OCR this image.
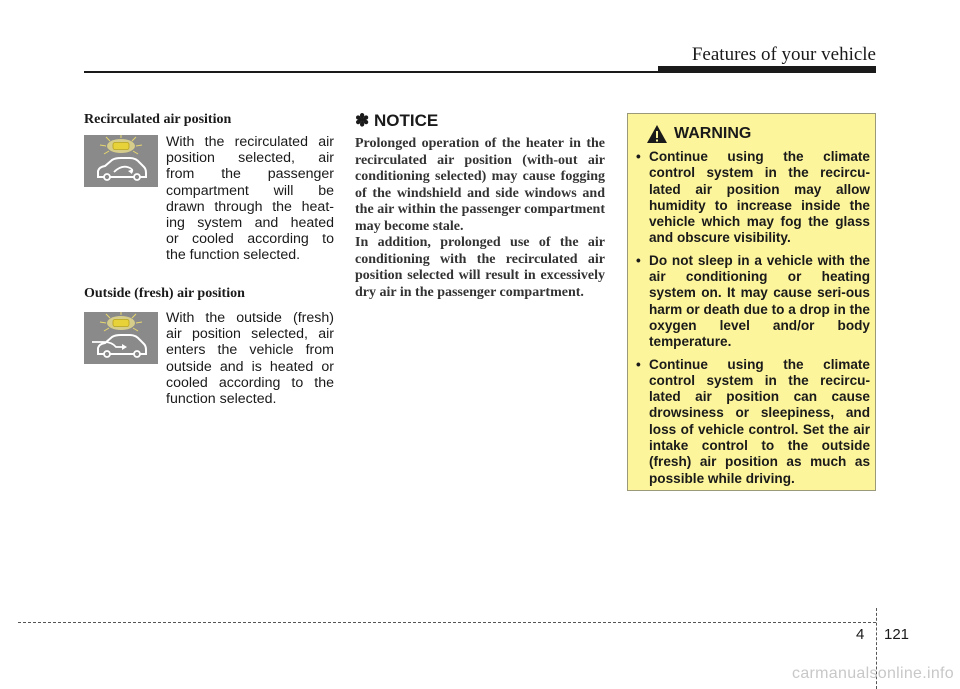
Features of your vehicle
Recirculated air position
With the recirculated air
position selected, air
from the passenger
compartment will be
drawn through the heat-
ing system and heated
or cooled according to
the function selected.
Outside (fresh) air position
With the outside (fresh)
air position selected, air
enters the vehicle from
outside and is heated or
cooled according to the
function selected.
✽ NOTICE

Prolonged operation of the heater in the recirculated air position (with-out air conditioning selected) may cause fogging of the windshield and side windows and the air within the passenger compartment may become stale.

In addition, prolonged use of the air conditioning with the recirculated air position selected will result in excessively dry air in the passenger compartment.

WARNING
• Continue using the climate control system in the recircu-lated air position may allow humidity to increase inside the vehicle which may fog the glass and obscure visibility.
• Do not sleep in a vehicle with the air conditioning or heating system on. It may cause seri-ous harm or death due to a drop in the oxygen level and/or body temperature.
• Continue using the climate control system in the recircu-lated air position can cause drowsiness or sleepiness, and loss of vehicle control. Set the air intake control to the outside (fresh) air position as much as possible while driving.
4 121
carmanualsonline.info
